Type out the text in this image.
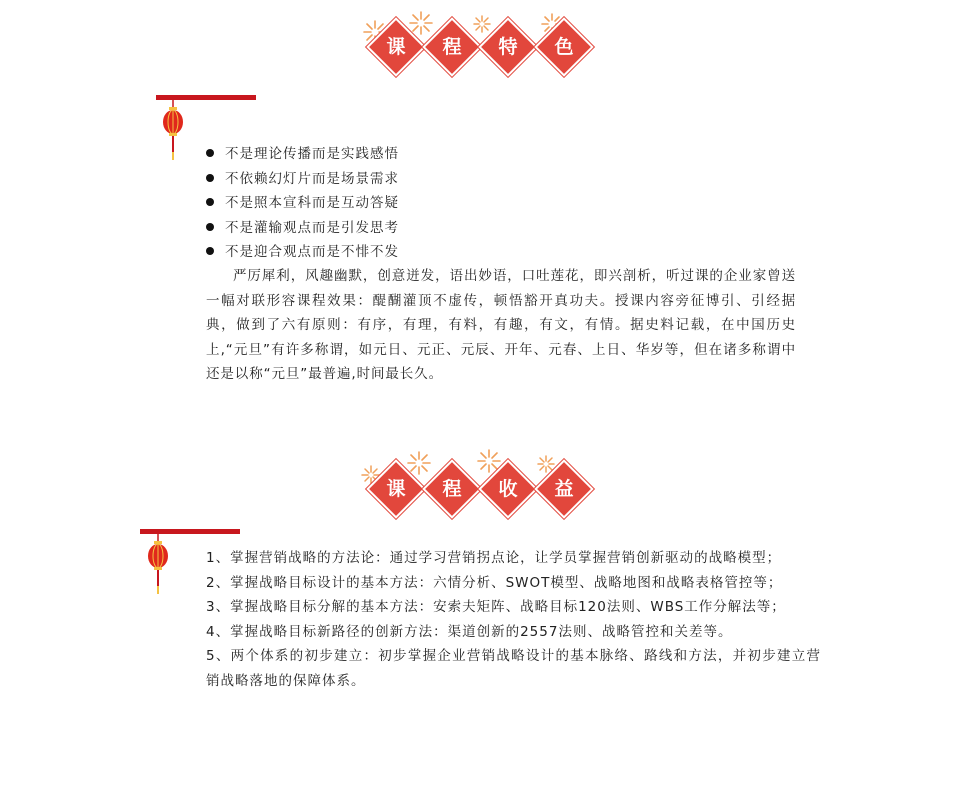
课	程	特	色
不是理论传播而是实践感悟
不依赖幻灯片而是场景需求
不是照本宣科而是互动答疑
不是灌输观点而是引发思考
不是迎合观点而是不悱不发

严厉犀利，风趣幽默，创意迸发，语出妙语，口吐莲花，即兴剖析，听过课的企业家曾送一幅对联形容课程效果：醍醐灌顶不虚传，顿悟豁开真功夫。授课内容旁征博引、引经据典，做到了六有原则：有序，有理，有料，有趣，有文，有情。据史料记载，在中国历史上,“元旦”有许多称谓，如元日、元正、元辰、开年、元春、上日、华岁等，但在诸多称谓中还是以称“元旦”最普遍,时间最长久。

课	程	收	益
1、掌握营销战略的方法论：通过学习营销拐点论，让学员掌握营销创新驱动的战略模型；
2、掌握战略目标设计的基本方法：六情分析、SWOT模型、战略地图和战略表格管控等；
3、掌握战略目标分解的基本方法：安索夫矩阵、战略目标120法则、WBS工作分解法等；
4、掌握战略目标新路径的创新方法：渠道创新的2557法则、战略管控和关差等。
5、两个体系的初步建立：初步掌握企业营销战略设计的基本脉络、路线和方法，并初步建立营销战略落地的保障体系。
